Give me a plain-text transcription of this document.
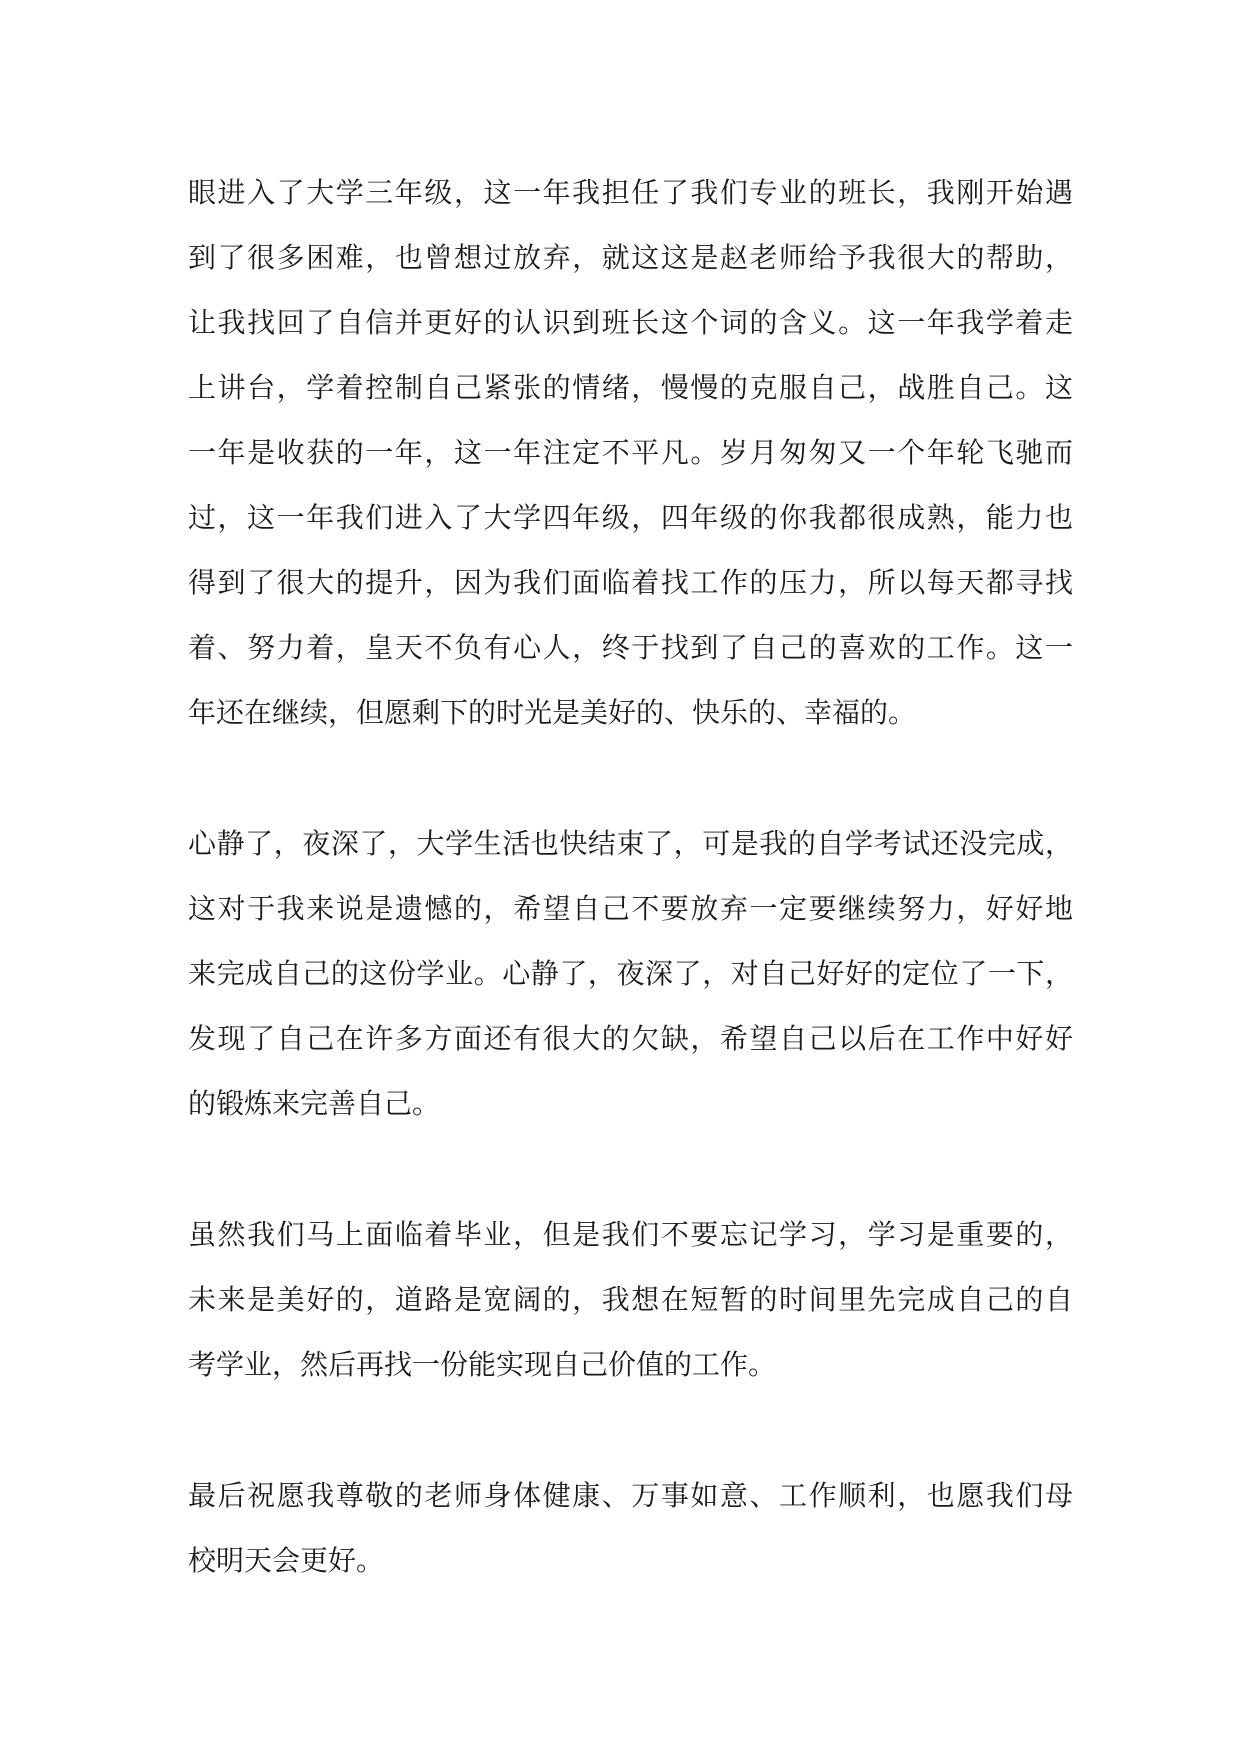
眼进入了大学三年级，这一年我担任了我们专业的班长，我刚开始遇
到了很多困难，也曾想过放弃，就这这是赵老师给予我很大的帮助，
让我找回了自信并更好的认识到班长这个词的含义。这一年我学着走
上讲台，学着控制自己紧张的情绪，慢慢的克服自己，战胜自己。这
一年是收获的一年，这一年注定不平凡。岁月匆匆又一个年轮飞驰而
过，这一年我们进入了大学四年级，四年级的你我都很成熟，能力也
得到了很大的提升，因为我们面临着找工作的压力，所以每天都寻找
着、努力着，皇天不负有心人，终于找到了自己的喜欢的工作。这一
年还在继续，但愿剩下的时光是美好的、快乐的、幸福的。
心静了，夜深了，大学生活也快结束了，可是我的自学考试还没完成，
这对于我来说是遗憾的，希望自己不要放弃一定要继续努力，好好地
来完成自己的这份学业。心静了，夜深了，对自己好好的定位了一下，
发现了自己在许多方面还有很大的欠缺，希望自己以后在工作中好好
的锻炼来完善自己。
虽然我们马上面临着毕业，但是我们不要忘记学习，学习是重要的，
未来是美好的，道路是宽阔的，我想在短暂的时间里先完成自己的自
考学业，然后再找一份能实现自己价值的工作。
最后祝愿我尊敬的老师身体健康、万事如意、工作顺利，也愿我们母
校明天会更好。
